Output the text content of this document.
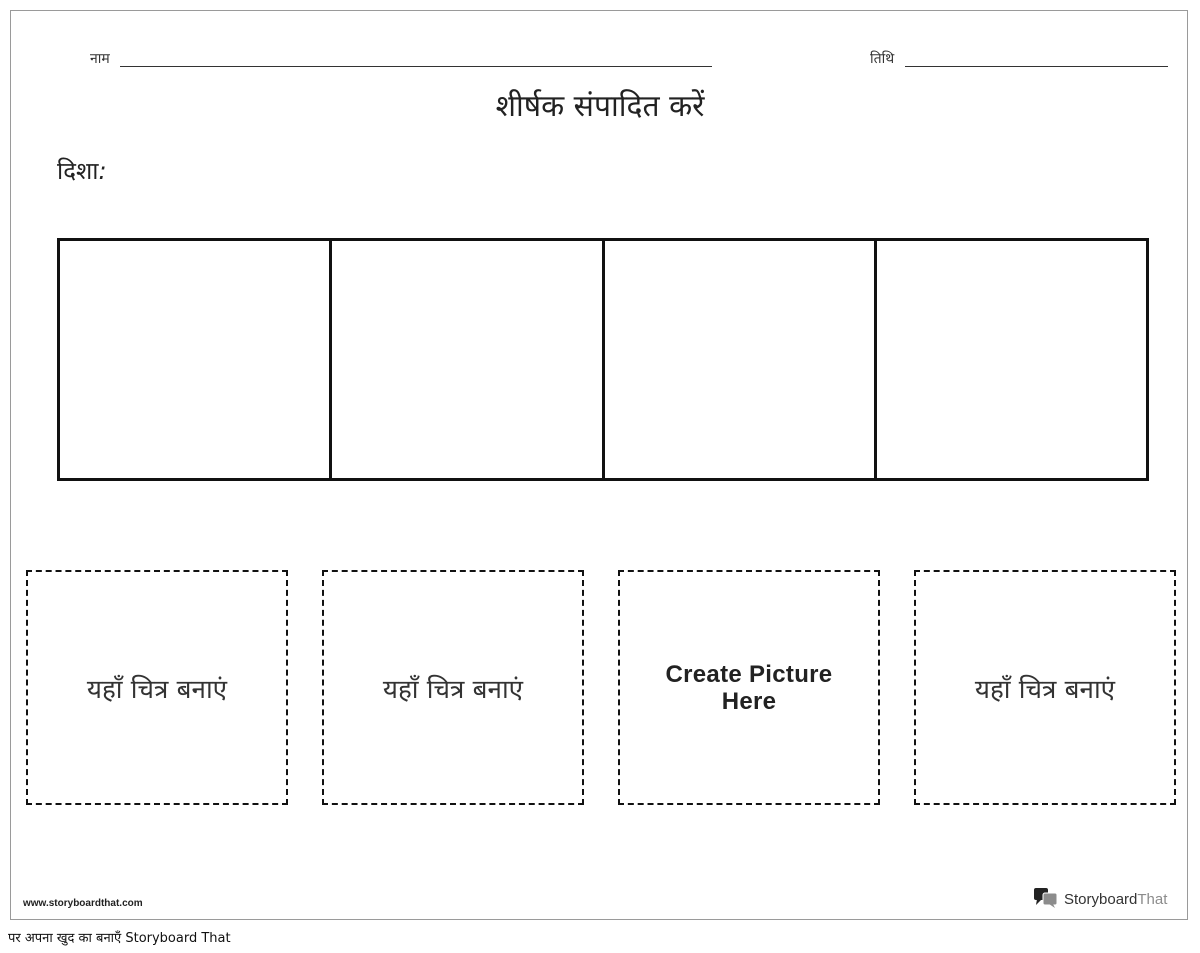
नाम	तिथि
शीर्षक संपादित करें
दिशा:
यहाँ चित्र बनाएं	यहाँ चित्र बनाएं
Create Picture
Here	यहाँ चित्र बनाएं
www.storyboardthat.com	StoryboardThat
पर अपना खुद का बनाएँ Storyboard That
